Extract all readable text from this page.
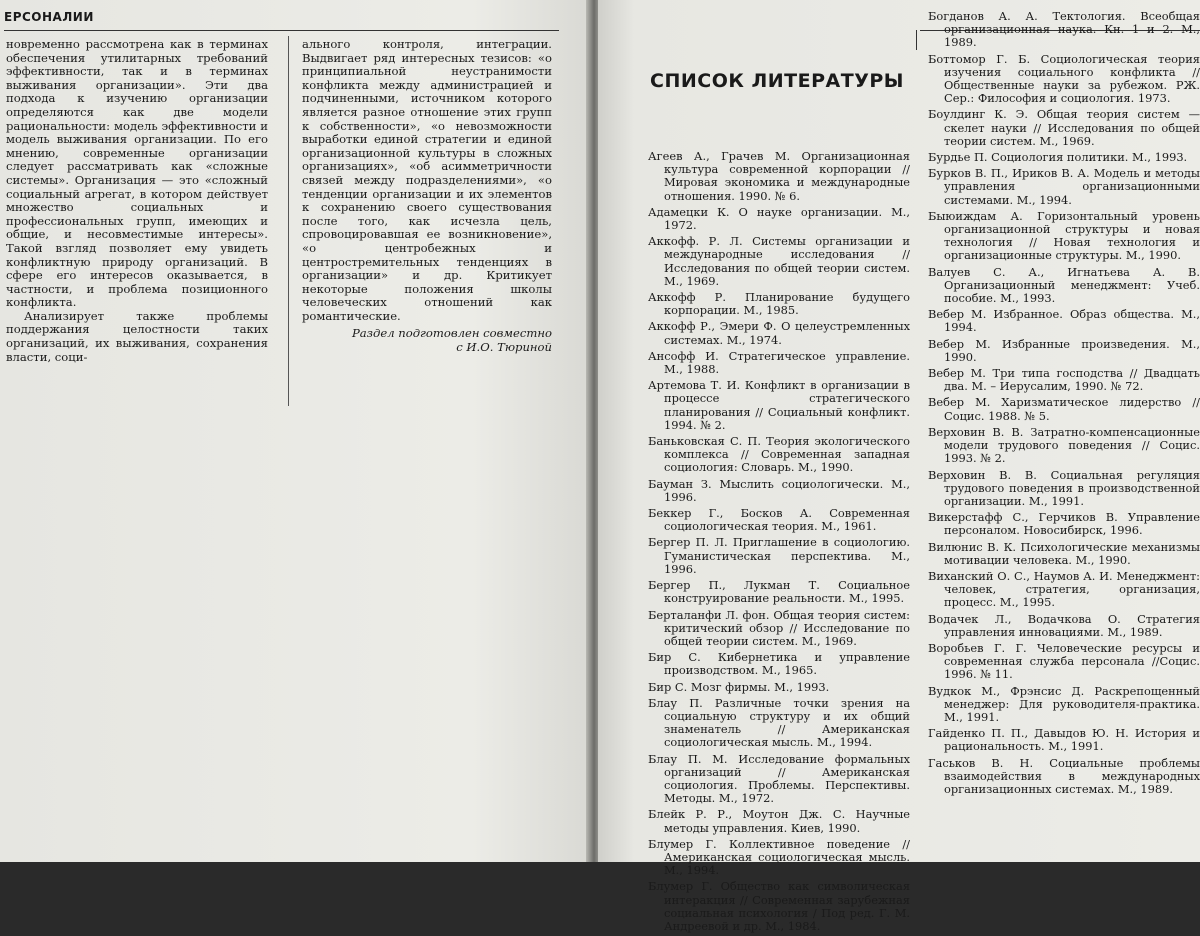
ЕРСОНАЛИИ

новременно рассмотрена как в терминах обеспечения утилитарных требований эффективности, так и в терминах выживания организации». Эти два подхода к изучению организации определяются как две модели рациональности: модель эффективности и модель выживания организации. По его мнению, современные организации следует рассматривать как «сложные системы». Организация — это «сложный социальный агрегат, в котором действует множество социальных и профессиональных групп, имеющих и общие, и несовместимые интересы». Такой взгляд позволяет ему увидеть конфликтную природу организаций. В сфере его интересов оказывается, в частности, и проблема позиционного конфликта.

Анализирует также проблемы поддержания целостности таких организаций, их выживания, сохранения власти, соци-

ального контроля, интеграции. Выдвигает ряд интересных тезисов: «о принципиальной неустранимости конфликта между администрацией и подчиненными, источником которого является разное отношение этих групп к собственности», «о невозможности выработки единой стратегии и единой организационной культуры в сложных организациях», «об асимметричности связей между подразделениями», «о тенденции организации и их элементов к сохранению своего существования после того, как исчезла цель, спровоцировавшая ее возникновение», «о центробежных и центростремительных тенденциях в организации» и др. Критикует некоторые положения школы человеческих отношений как романтические.

Раздел подготовлен совместно
с И.О. Тюриной
СПИСОК ЛИТЕРАТУРЫ
Агеев А., Грачев М. Организационная культура современной корпорации // Мировая экономика и международные отношения. 1990. № 6.
Адамецки К. О науке организации. М., 1972.
Аккофф. Р. Л. Системы организации и международные исследования // Исследования по общей теории систем. М., 1969.
Аккофф Р. Планирование будущего корпорации. М., 1985.
Аккофф Р., Эмери Ф. О целеустремленных системах. М., 1974.
Ансофф И. Стратегическое управление. М., 1988.
Артемова Т. И. Конфликт в организации в процессе стратегического планирования // Социальный конфликт. 1994. № 2.
Баньковская С. П. Теория экологического комплекса // Современная западная социология: Словарь. М., 1990.
Бауман З. Мыслить социологически. М., 1996.
Беккер Г., Босков А. Современная социологическая теория. М., 1961.
Бергер П. Л. Приглашение в социологию. Гуманистическая перспектива. М., 1996.
Бергер П., Лукман Т. Социальное конструирование реальности. М., 1995.
Берталанфи Л. фон. Общая теория систем: критический обзор // Исследование по общей теории систем. М., 1969.
Бир С. Кибернетика и управление производством. М., 1965.
Бир С. Мозг фирмы. М., 1993.
Блау П. Различные точки зрения на социальную структуру и их общий знаменатель // Американская социологическая мысль. М., 1994.
Блау П. М. Исследование формальных организаций // Американская социология. Проблемы. Перспективы. Методы. М., 1972.
Блейк Р. Р., Моутон Дж. С. Научные методы управления. Киев, 1990.
Блумер Г. Коллективное поведение // Американская социологическая мысль. М., 1994.
Блумер Г. Общество как символическая интеракция // Современная зарубежная социальная психология / Под ред. Г. М. Андреевой и др. М., 1984.
Богданов А. А. Тектология. Всеобщая организационная наука. Кн. 1 и 2. М., 1989.
Боттомор Г. Б. Социологическая теория изучения социального конфликта // Общественные науки за рубежом. РЖ. Сер.: Философия и социология. 1973.
Боулдинг К. Э. Общая теория систем — скелет науки // Исследования по общей теории систем. М., 1969.
Бурдье П. Социология политики. М., 1993.
Бурков В. П., Ириков В. А. Модель и методы управления организационными системами. М., 1994.
Быюиждам А. Горизонтальный уровень организационной структуры и новая технология // Новая технология и организационные структуры. М., 1990.
Валуев С. А., Игнатьева А. В. Организационный менеджмент: Учеб. пособие. М., 1993.
Вебер М. Избранное. Образ общества. М., 1994.
Вебер М. Избранные произведения. М., 1990.
Вебер М. Три типа господства // Двадцать два. М. – Иерусалим, 1990. № 72.
Вебер М. Харизматическое лидерство // Социс. 1988. № 5.
Верховин В. В. Затратно-компенсационные модели трудового поведения // Социс. 1993. № 2.
Верховин В. В. Социальная регуляция трудового поведения в производственной организации. М., 1991.
Викерстафф С., Герчиков В. Управление персоналом. Новосибирск, 1996.
Вилюнис В. К. Психологические механизмы мотивации человека. М., 1990.
Виханский О. С., Наумов А. И. Менеджмент: человек, стратегия, организация, процесс. М., 1995.
Водачек Л., Водачкова О. Стратегия управления инновациями. М., 1989.
Воробьев Г. Г. Человеческие ресурсы и современная служба персонала //Социс. 1996. № 11.
Вудкок М., Фрэнсис Д. Раскрепощенный менеджер: Для руководителя-практика. М., 1991.
Гайденко П. П., Давыдов Ю. Н. История и рациональность. М., 1991.
Гаськов В. Н. Социальные проблемы взаимодействия в международных организационных системах. М., 1989.
